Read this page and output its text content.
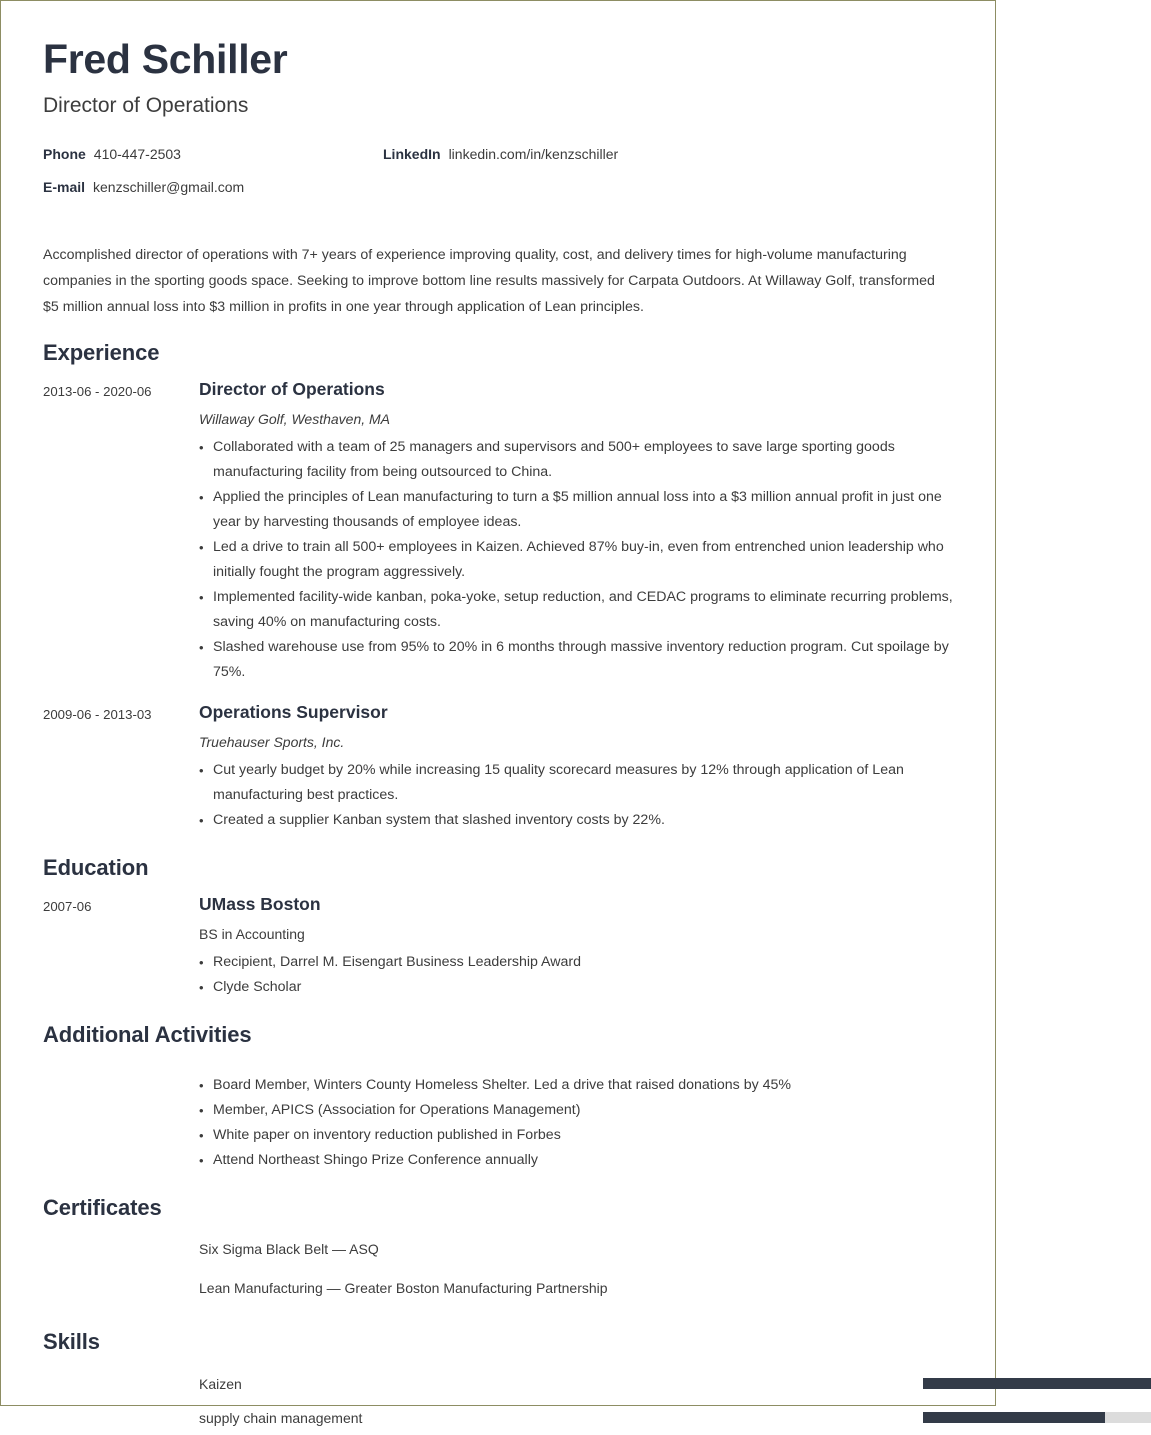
Fred Schiller
Director of Operations
Phone 410-447-2503	LinkedIn linkedin.com/in/kenzschiller
E-mail kenzschiller@gmail.com
Accomplished director of operations with 7+ years of experience improving quality, cost, and delivery times for high-volume manufacturing companies in the sporting goods space. Seeking to improve bottom line results massively for Carpata Outdoors. At Willaway Golf, transformed $5 million annual loss into $3 million in profits in one year through application of Lean principles.
Experience
2013-06 - 2020-06	Director of Operations
Willaway Golf, Westhaven, MA
• Collaborated with a team of 25 managers and supervisors and 500+ employees to save large sporting goods manufacturing facility from being outsourced to China.
• Applied the principles of Lean manufacturing to turn a $5 million annual loss into a $3 million annual profit in just one year by harvesting thousands of employee ideas.
• Led a drive to train all 500+ employees in Kaizen. Achieved 87% buy-in, even from entrenched union leadership who initially fought the program aggressively.
• Implemented facility-wide kanban, poka-yoke, setup reduction, and CEDAC programs to eliminate recurring problems, saving 40% on manufacturing costs.
• Slashed warehouse use from 95% to 20% in 6 months through massive inventory reduction program. Cut spoilage by 75%.
2009-06 - 2013-03	Operations Supervisor
Truehauser Sports, Inc.
• Cut yearly budget by 20% while increasing 15 quality scorecard measures by 12% through application of Lean manufacturing best practices.
• Created a supplier Kanban system that slashed inventory costs by 22%.
Education
2007-06	UMass Boston
BS in Accounting
• Recipient, Darrel M. Eisengart Business Leadership Award
• Clyde Scholar
Additional Activities
• Board Member, Winters County Homeless Shelter. Led a drive that raised donations by 45%
• Member, APICS (Association for Operations Management)
• White paper on inventory reduction published in Forbes
• Attend Northeast Shingo Prize Conference annually
Certificates
Six Sigma Black Belt — ASQ
Lean Manufacturing — Greater Boston Manufacturing Partnership
Skills
Kaizen
supply chain management
